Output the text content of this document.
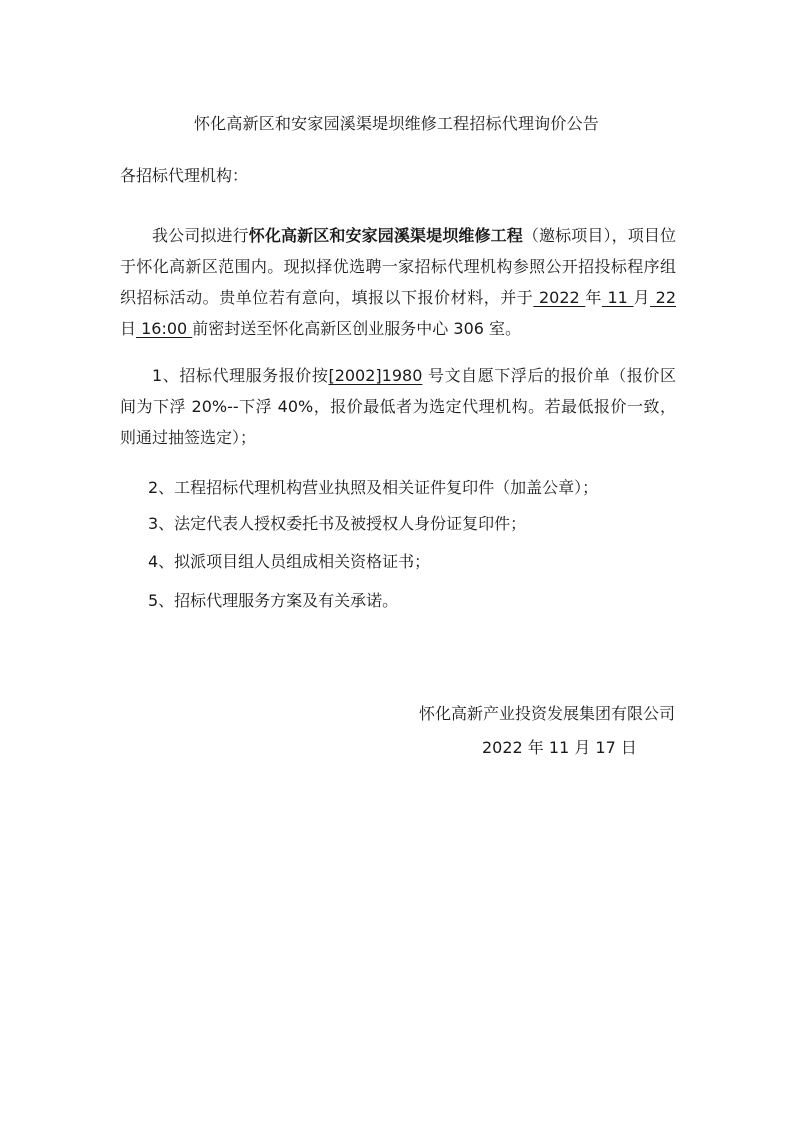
怀化高新区和安家园溪渠堤坝维修工程招标代理询价公告
各招标代理机构：
我公司拟进行怀化高新区和安家园溪渠堤坝维修工程（邀标项目），项目位于怀化高新区范围内。现拟择优选聘一家招标代理机构参照公开招投标程序组织招标活动。贵单位若有意向，填报以下报价材料，并于 2022 年 11 月 22 日 16:00 前密封送至怀化高新区创业服务中心 306 室。
1、招标代理服务报价按[2002]1980 号文自愿下浮后的报价单（报价区间为下浮 20%--下浮 40%，报价最低者为选定代理机构。若最低报价一致，则通过抽签选定）；
2、工程招标代理机构营业执照及相关证件复印件（加盖公章）；
3、法定代表人授权委托书及被授权人身份证复印件；
4、拟派项目组人员组成相关资格证书；
5、招标代理服务方案及有关承诺。
怀化高新产业投资发展集团有限公司
2022 年 11 月 17 日
